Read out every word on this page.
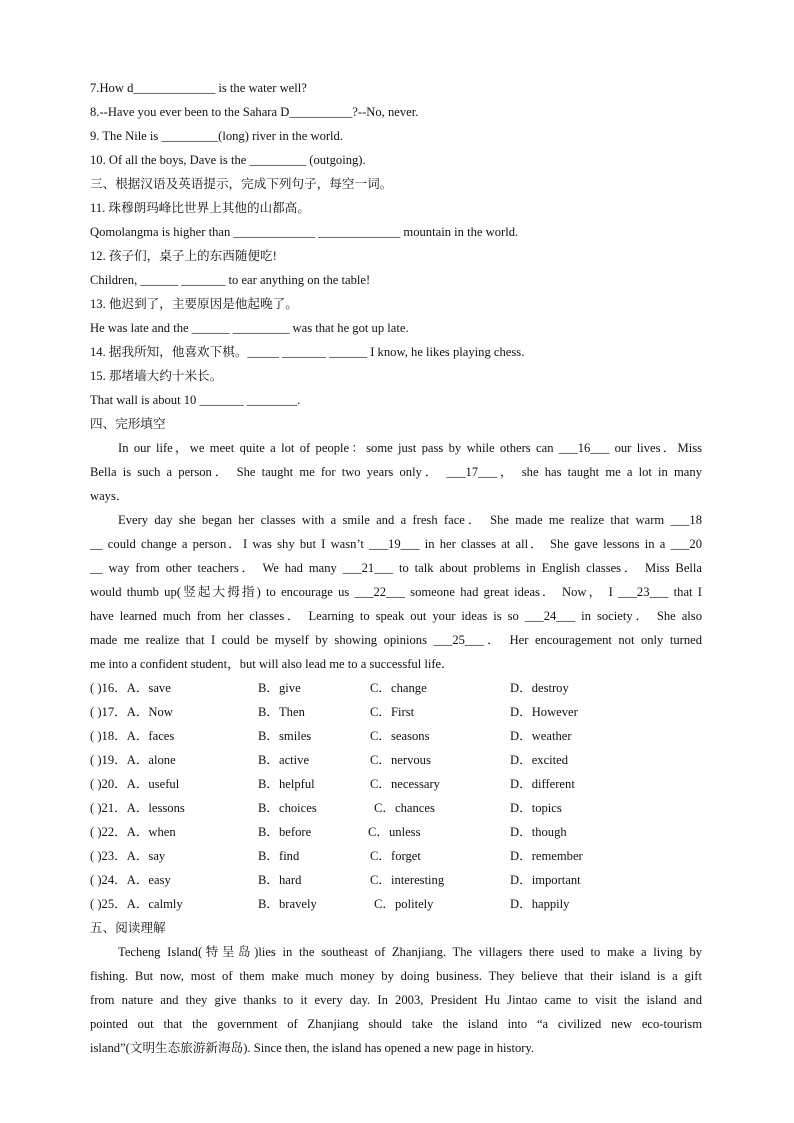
7.How d_____________ is the water well?
8.--Have you ever been to the Sahara D__________?--No, never.
9. The Nile is _________(long) river in the world.
10. Of all the boys, Dave is the _________ (outgoing).
三、根据汉语及英语提示，完成下列句子，每空一词。
11. 珠穆朗玛峰比世界上其他的山都高。
Qomolangma is higher than _____________ _____________ mountain in the world.
12. 孩子们，桌子上的东西随便吃!
Children, ______ _______ to ear anything on the table!
13. 他迟到了，主要原因是他起晚了。
He was late and the ______ _________ was that he got up late.
14. 据我所知，他喜欢下棋。_____ _______ ______ I know, he likes playing chess.
15. 那堵墙大约十米长。
That wall is about 10 _______ ________.
四、完形填空
In our life，we meet quite a lot of people：some just pass by while others can ___16___ our lives．Miss
Bella is such a person． She taught me for two years only． ___17___， she has taught me a lot in many
ways．
Every day she began her classes with a smile and a fresh face． She made me realize that warm ___18
__ could change a person．I was shy but I wasn’t ___19___ in her classes at all． She gave lessons in a ___20
__ way from other teachers． We had many ___21___ to talk about problems in English classes． Miss Bella
would thumb up(竖起大拇指) to encourage us ___22___ someone had great ideas． Now， I ___23___ that I
have learned much from her classes． Learning to speak out your ideas is so ___24___ in society． She also
made me realize that I could be myself by showing opinions ___25___． Her encouragement not only turned
me into a confident student，but will also lead me to a successful life．
( )16．A．save	B．give	C．change	D．destroy
( )17．A．Now	B．Then	C．First	D．However
( )18．A．faces	B．smiles	C．seasons	D．weather
( )19．A．alone	B．active	C．nervous	D．excited
( )20．A．useful	B．helpful	C．necessary	D．different
( )21．A．lessons	B．choices	C．chances	D．topics
( )22．A．when	B．before	C．unless	D．though
( )23．A．say	B．find	C．forget	D．remember
( )24．A．easy	B．hard	C．interesting	D．important
( )25．A．calmly	B．bravely	C．politely	D．happily
五、阅读理解
Techeng Island(特呈岛)lies in the southeast of Zhanjiang. The villagers there used to make a living by
fishing. But now, most of them make much money by doing business. They believe that their island is a gift
from nature and they give thanks to it every day. In 2003, President Hu Jintao came to visit the island and
pointed out that the government of Zhanjiang should take the island into “a civilized new eco-tourism
island”(文明生态旅游新海岛). Since then, the island has opened a new page in history.
